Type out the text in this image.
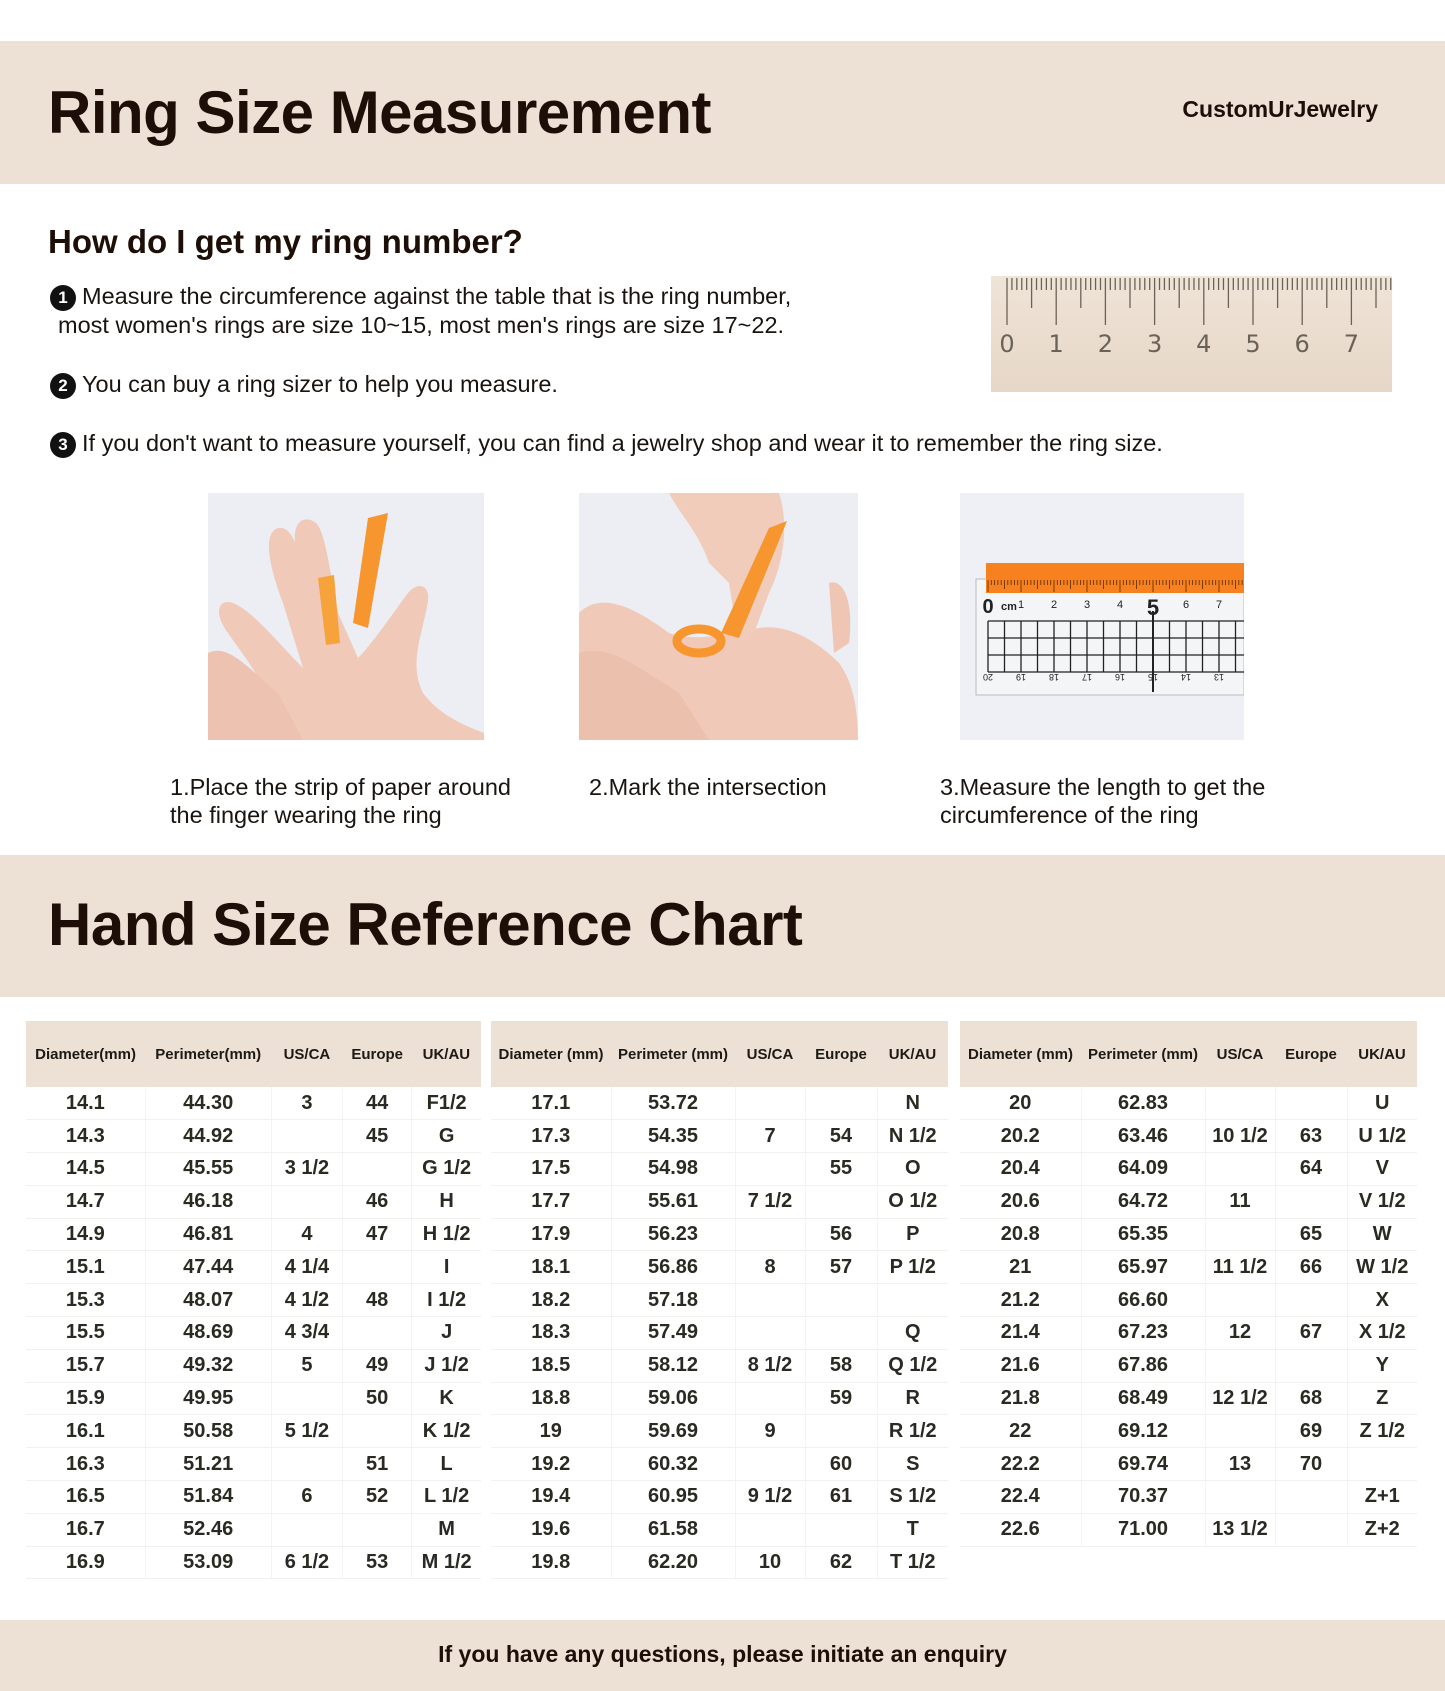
Ring Size Measurement	CustomUrJewelry
How do I get my ring number?
1 Measure the circumference against the table that is the ring number,
most women's rings are size 10~15, most men's rings are size 17~22.
2 You can buy a ring sizer to help you measure.
3 If you don't want to measure yourself, you can find a jewelry shop and wear it to remember the ring size.
0 1 2 3 4 5 6 7
0 1 2 3 4 5 6 7
cm
20	19	18	17	16	15	14	13
1.Place the strip of paper around
the finger wearing the ring
2.Mark the intersection	3.Measure the length to get the
circumference of the ring
Hand Size Reference Chart
Diameter(mm)	Perimeter(mm)	US/CA	Europe	UK/AU
14.1	44.30	3	44	F1/2
14.3	44.92		45	G
14.5	45.55	3 1/2		G 1/2
14.7	46.18		46	H
14.9	46.81	4	47	H 1/2
15.1	47.44	4 1/4		I
15.3	48.07	4 1/2	48	I 1/2
15.5	48.69	4 3/4		J
15.7	49.32	5	49	J 1/2
15.9	49.95		50	K
16.1	50.58	5 1/2		K 1/2
16.3	51.21		51	L
16.5	51.84	6	52	L 1/2
16.7	52.46			M
16.9	53.09	6 1/2	53	M 1/2
Diameter (mm)	Perimeter (mm)	US/CA	Europe	UK/AU
17.1	53.72			N
17.3	54.35	7	54	N 1/2
17.5	54.98		55	O
17.7	55.61	7 1/2		O 1/2
17.9	56.23		56	P
18.1	56.86	8	57	P 1/2
18.2	57.18			
18.3	57.49			Q
18.5	58.12	8 1/2	58	Q 1/2
18.8	59.06		59	R
19	59.69	9		R 1/2
19.2	60.32		60	S
19.4	60.95	9 1/2	61	S 1/2
19.6	61.58			T
19.8	62.20	10	62	T 1/2
Diameter (mm)	Perimeter (mm)	US/CA	Europe	UK/AU
20	62.83			U
20.2	63.46	10 1/2	63	U 1/2
20.4	64.09		64	V
20.6	64.72	11		V 1/2
20.8	65.35		65	W
21	65.97	11 1/2	66	W 1/2
21.2	66.60			X
21.4	67.23	12	67	X 1/2
21.6	67.86			Y
21.8	68.49	12 1/2	68	Z
22	69.12		69	Z 1/2
22.2	69.74	13	70	
22.4	70.37			Z+1
22.6	71.00	13 1/2		Z+2
If you have any questions, please initiate an enquiry
